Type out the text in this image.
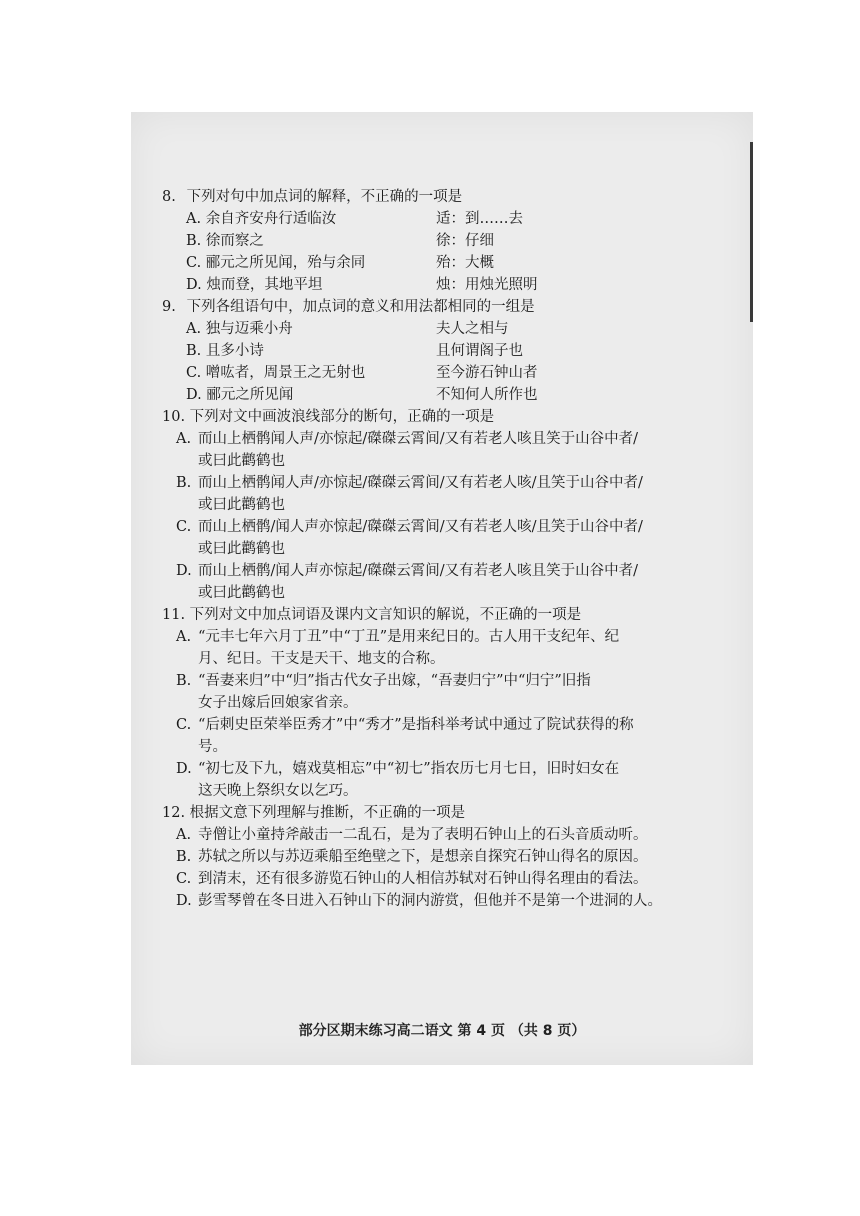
8. 下列对句中加点词的解释，不正确的一项是

A. 余自齐安舟行适临汝	适：到……去
B. 徐而察之	徐：仔细
C. 郦元之所见闻，殆与余同	殆：大概
D. 烛而登，其地平坦	烛：用烛光照明

9. 下列各组语句中，加点词的意义和用法都相同的一组是

A. 独与迈乘小舟	夫人之相与
B. 且多小诗	且何谓阁子也
C. 噌吰者，周景王之无射也	至今游石钟山者
D. 郦元之所见闻	不知何人所作也

10. 下列对文中画波浪线部分的断句，正确的一项是

A. 而山上栖鹘闻人声/亦惊起/磔磔云霄间/又有若老人咳且笑于山谷中者/
或曰此鹳鹤也

B. 而山上栖鹘闻人声/亦惊起/磔磔云霄间/又有若老人咳/且笑于山谷中者/
或曰此鹳鹤也

C. 而山上栖鹘/闻人声亦惊起/磔磔云霄间/又有若老人咳/且笑于山谷中者/
或曰此鹳鹤也

D. 而山上栖鹘/闻人声亦惊起/磔磔云霄间/又有若老人咳且笑于山谷中者/
或曰此鹳鹤也

11. 下列对文中加点词语及课内文言知识的解说，不正确的一项是

A. “元丰七年六月丁丑”中“丁丑”是用来纪日的。古人用干支纪年、纪
月、纪日。干支是天干、地支的合称。

B. “吾妻来归”中“归”指古代女子出嫁，“吾妻归宁”中“归宁”旧指
女子出嫁后回娘家省亲。

C. “后刺史臣荣举臣秀才”中“秀才”是指科举考试中通过了院试获得的称
号。

D. “初七及下九，嬉戏莫相忘”中“初七”指农历七月七日，旧时妇女在
这天晚上祭织女以乞巧。

12. 根据文意下列理解与推断，不正确的一项是

A. 寺僧让小童持斧敲击一二乱石，是为了表明石钟山上的石头音质动听。

B. 苏轼之所以与苏迈乘船至绝壁之下，是想亲自探究石钟山得名的原因。

C. 到清末，还有很多游览石钟山的人相信苏轼对石钟山得名理由的看法。

D. 彭雪琴曾在冬日进入石钟山下的洞内游赏，但他并不是第一个进洞的人。

部分区期末练习高二语文 第 4 页 （共 8 页）
